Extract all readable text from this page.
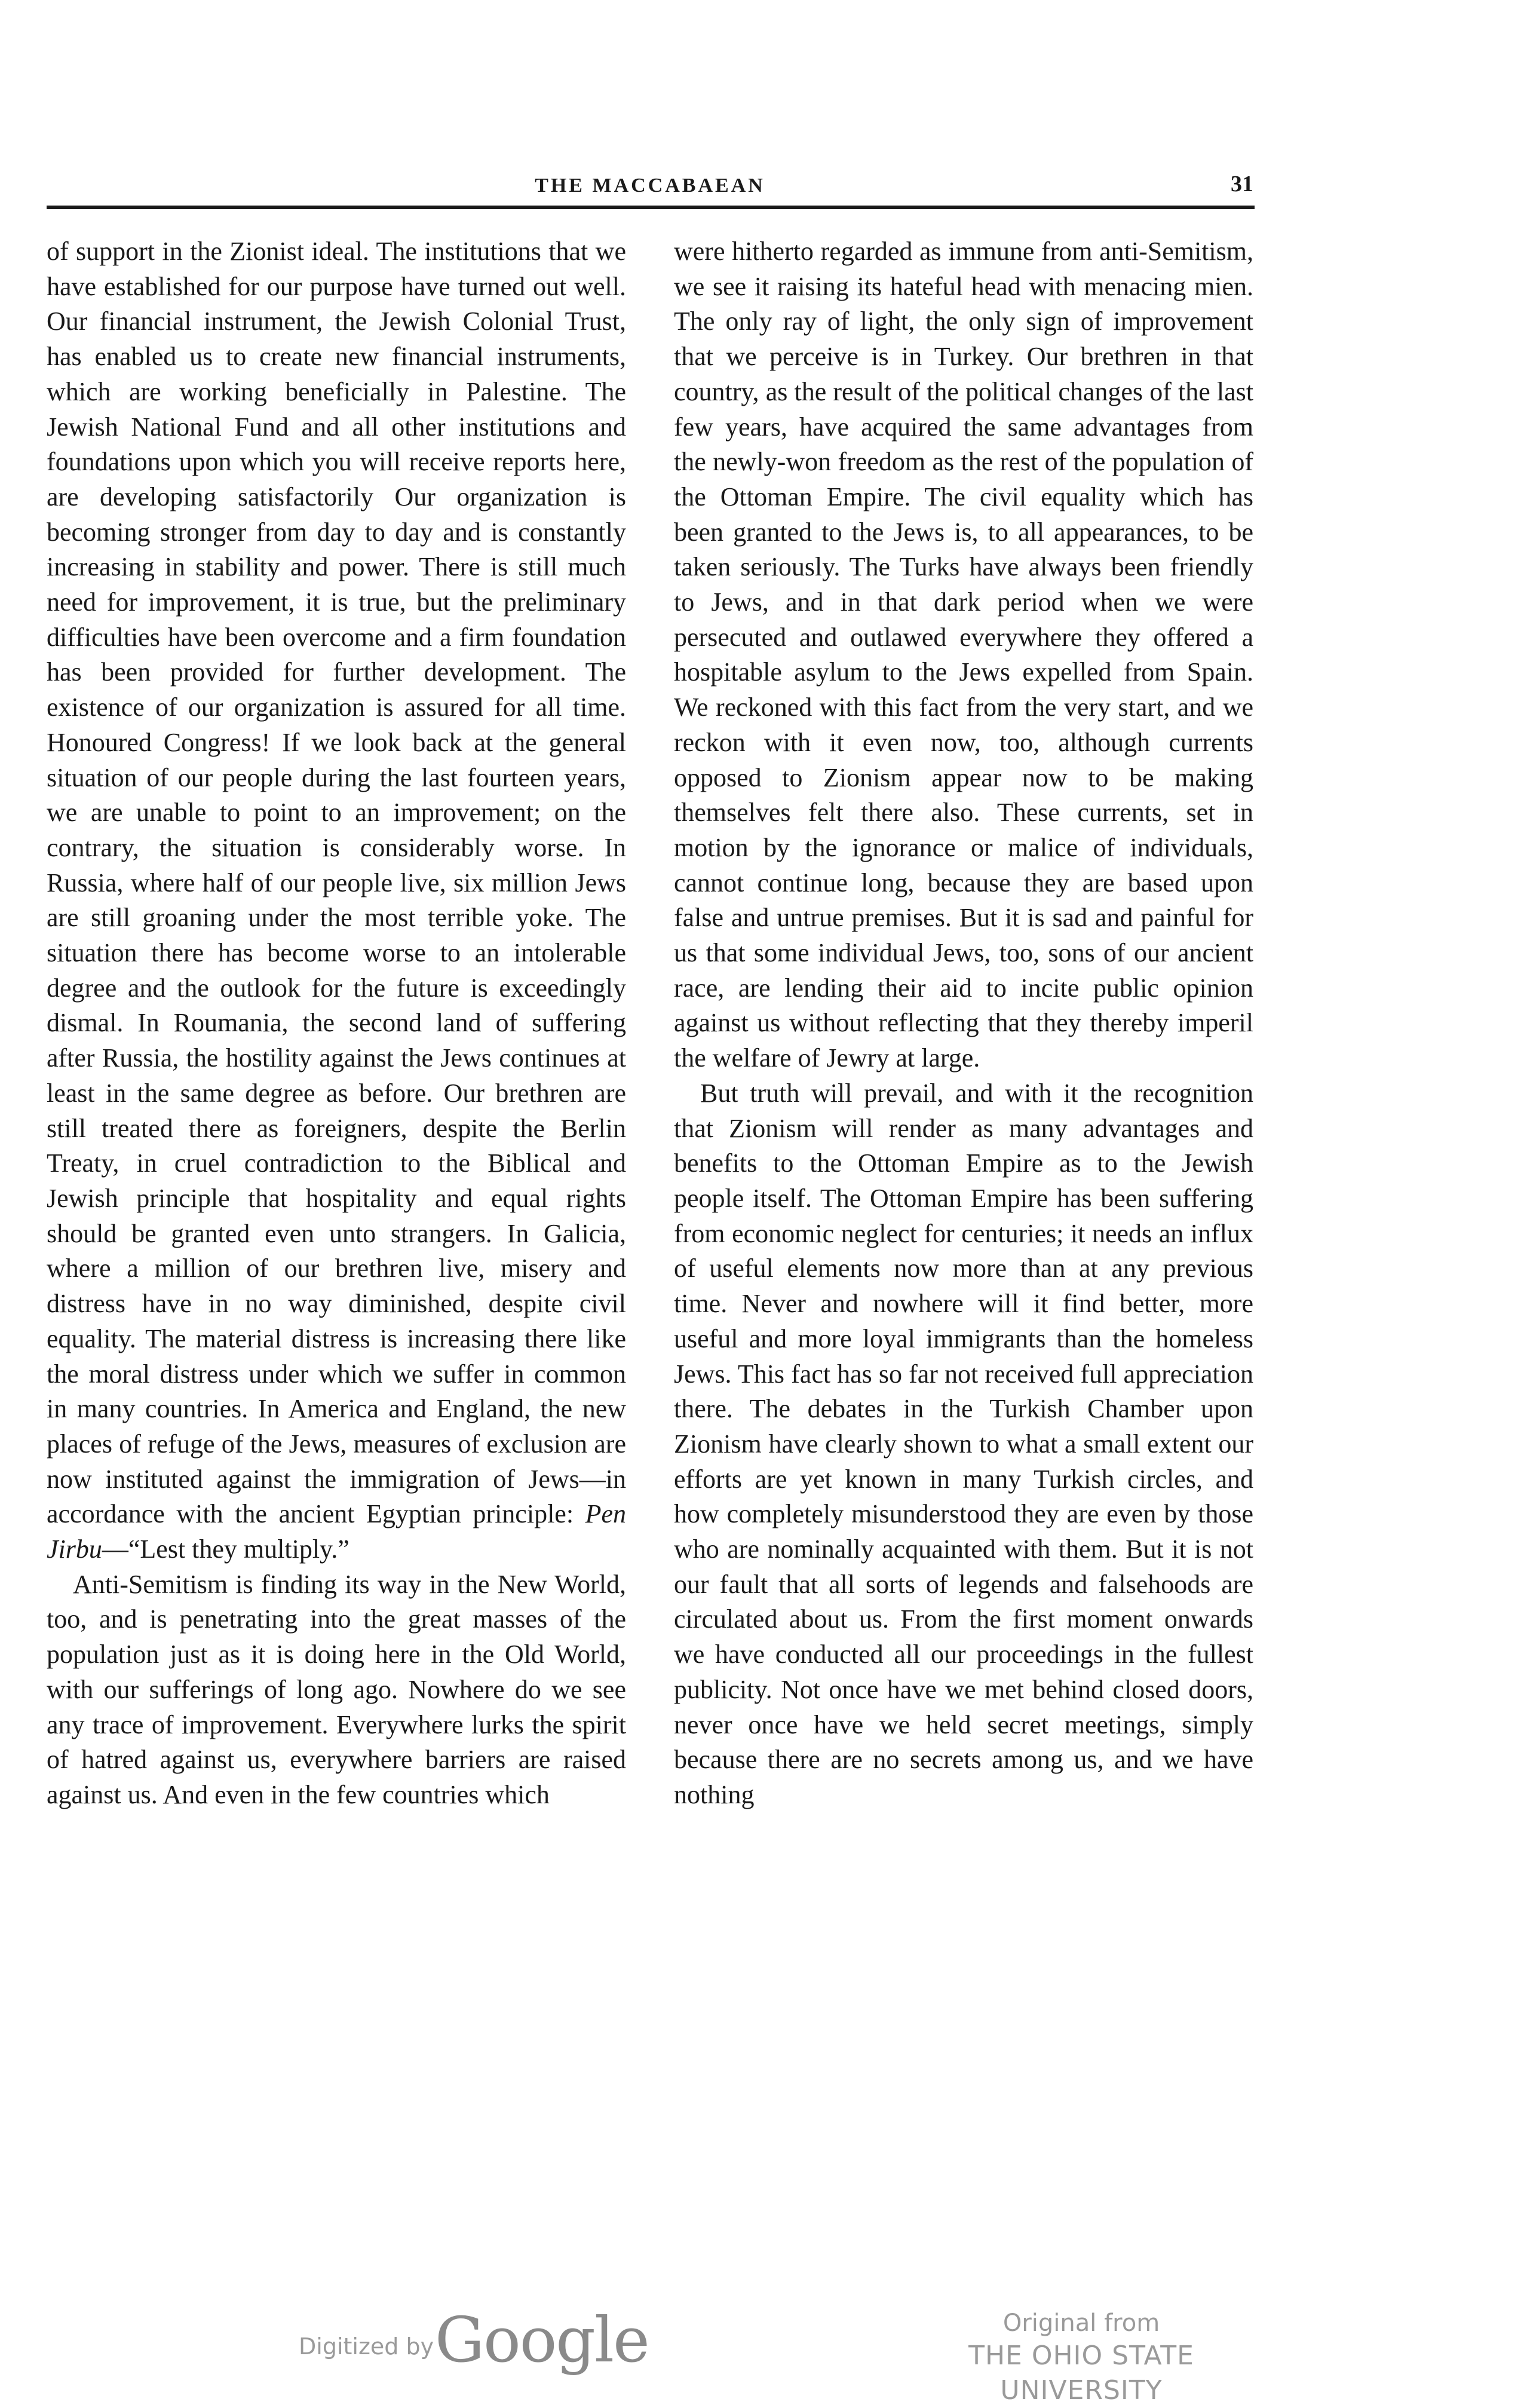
THE MACCABAEAN	31

of support in the Zionist ideal. The institutions that we have established for our purpose have turned out well. Our financial instrument, the Jewish Colonial Trust, has enabled us to create new financial instruments, which are working beneficially in Palestine. The Jewish National Fund and all other institutions and foundations upon which you will receive reports here, are developing satisfactorily Our organization is becoming stronger from day to day and is constantly increasing in stability and power. There is still much need for improvement, it is true, but the preliminary difficulties have been overcome and a firm foundation has been provided for further development. The existence of our organization is assured for all time. Honoured Congress! If we look back at the general situation of our people during the last fourteen years, we are unable to point to an improvement; on the contrary, the situation is considerably worse. In Russia, where half of our people live, six million Jews are still groaning under the most terrible yoke. The situation there has become worse to an intolerable degree and the outlook for the future is exceedingly dismal. In Roumania, the second land of suffering after Russia, the hostility against the Jews continues at least in the same degree as before. Our brethren are still treated there as foreigners, despite the Berlin Treaty, in cruel contradiction to the Biblical and Jewish principle that hospitality and equal rights should be granted even unto strangers. In Galicia, where a million of our brethren live, misery and distress have in no way diminished, despite civil equality. The material distress is increasing there like the moral distress under which we suffer in common in many countries. In America and England, the new places of refuge of the Jews, measures of exclusion are now instituted against the immigration of Jews—in accordance with the ancient Egyptian principle: Pen Jirbu—“Lest they multiply.”

Anti-Semitism is finding its way in the New World, too, and is penetrating into the great masses of the population just as it is doing here in the Old World, with our sufferings of long ago. Nowhere do we see any trace of improvement. Everywhere lurks the spirit of hatred against us, everywhere barriers are raised against us. And even in the few countries which

were hitherto regarded as immune from anti-Semitism, we see it raising its hateful head with menacing mien. The only ray of light, the only sign of improvement that we perceive is in Turkey. Our brethren in that country, as the result of the political changes of the last few years, have acquired the same advantages from the newly-won freedom as the rest of the population of the Ottoman Empire. The civil equality which has been granted to the Jews is, to all appearances, to be taken seriously. The Turks have always been friendly to Jews, and in that dark period when we were persecuted and outlawed everywhere they offered a hospitable asylum to the Jews expelled from Spain. We reckoned with this fact from the very start, and we reckon with it even now, too, although currents opposed to Zionism appear now to be making themselves felt there also. These currents, set in motion by the ignorance or malice of individuals, cannot continue long, because they are based upon false and untrue premises. But it is sad and painful for us that some individual Jews, too, sons of our ancient race, are lending their aid to incite public opinion against us without reflecting that they thereby imperil the welfare of Jewry at large.

But truth will prevail, and with it the recognition that Zionism will render as many advantages and benefits to the Ottoman Empire as to the Jewish people itself. The Ottoman Empire has been suffering from economic neglect for centuries; it needs an influx of useful elements now more than at any previous time. Never and nowhere will it find better, more useful and more loyal immigrants than the homeless Jews. This fact has so far not received full appreciation there. The debates in the Turkish Chamber upon Zionism have clearly shown to what a small extent our efforts are yet known in many Turkish circles, and how completely misunderstood they are even by those who are nominally acquainted with them. But it is not our fault that all sorts of legends and falsehoods are circulated about us. From the first moment onwards we have conducted all our proceedings in the fullest publicity. Not once have we met behind closed doors, never once have we held secret meetings, simply because there are no secrets among us, and we have nothing

Digitized by Google	Original from
THE OHIO STATE UNIVERSITY
